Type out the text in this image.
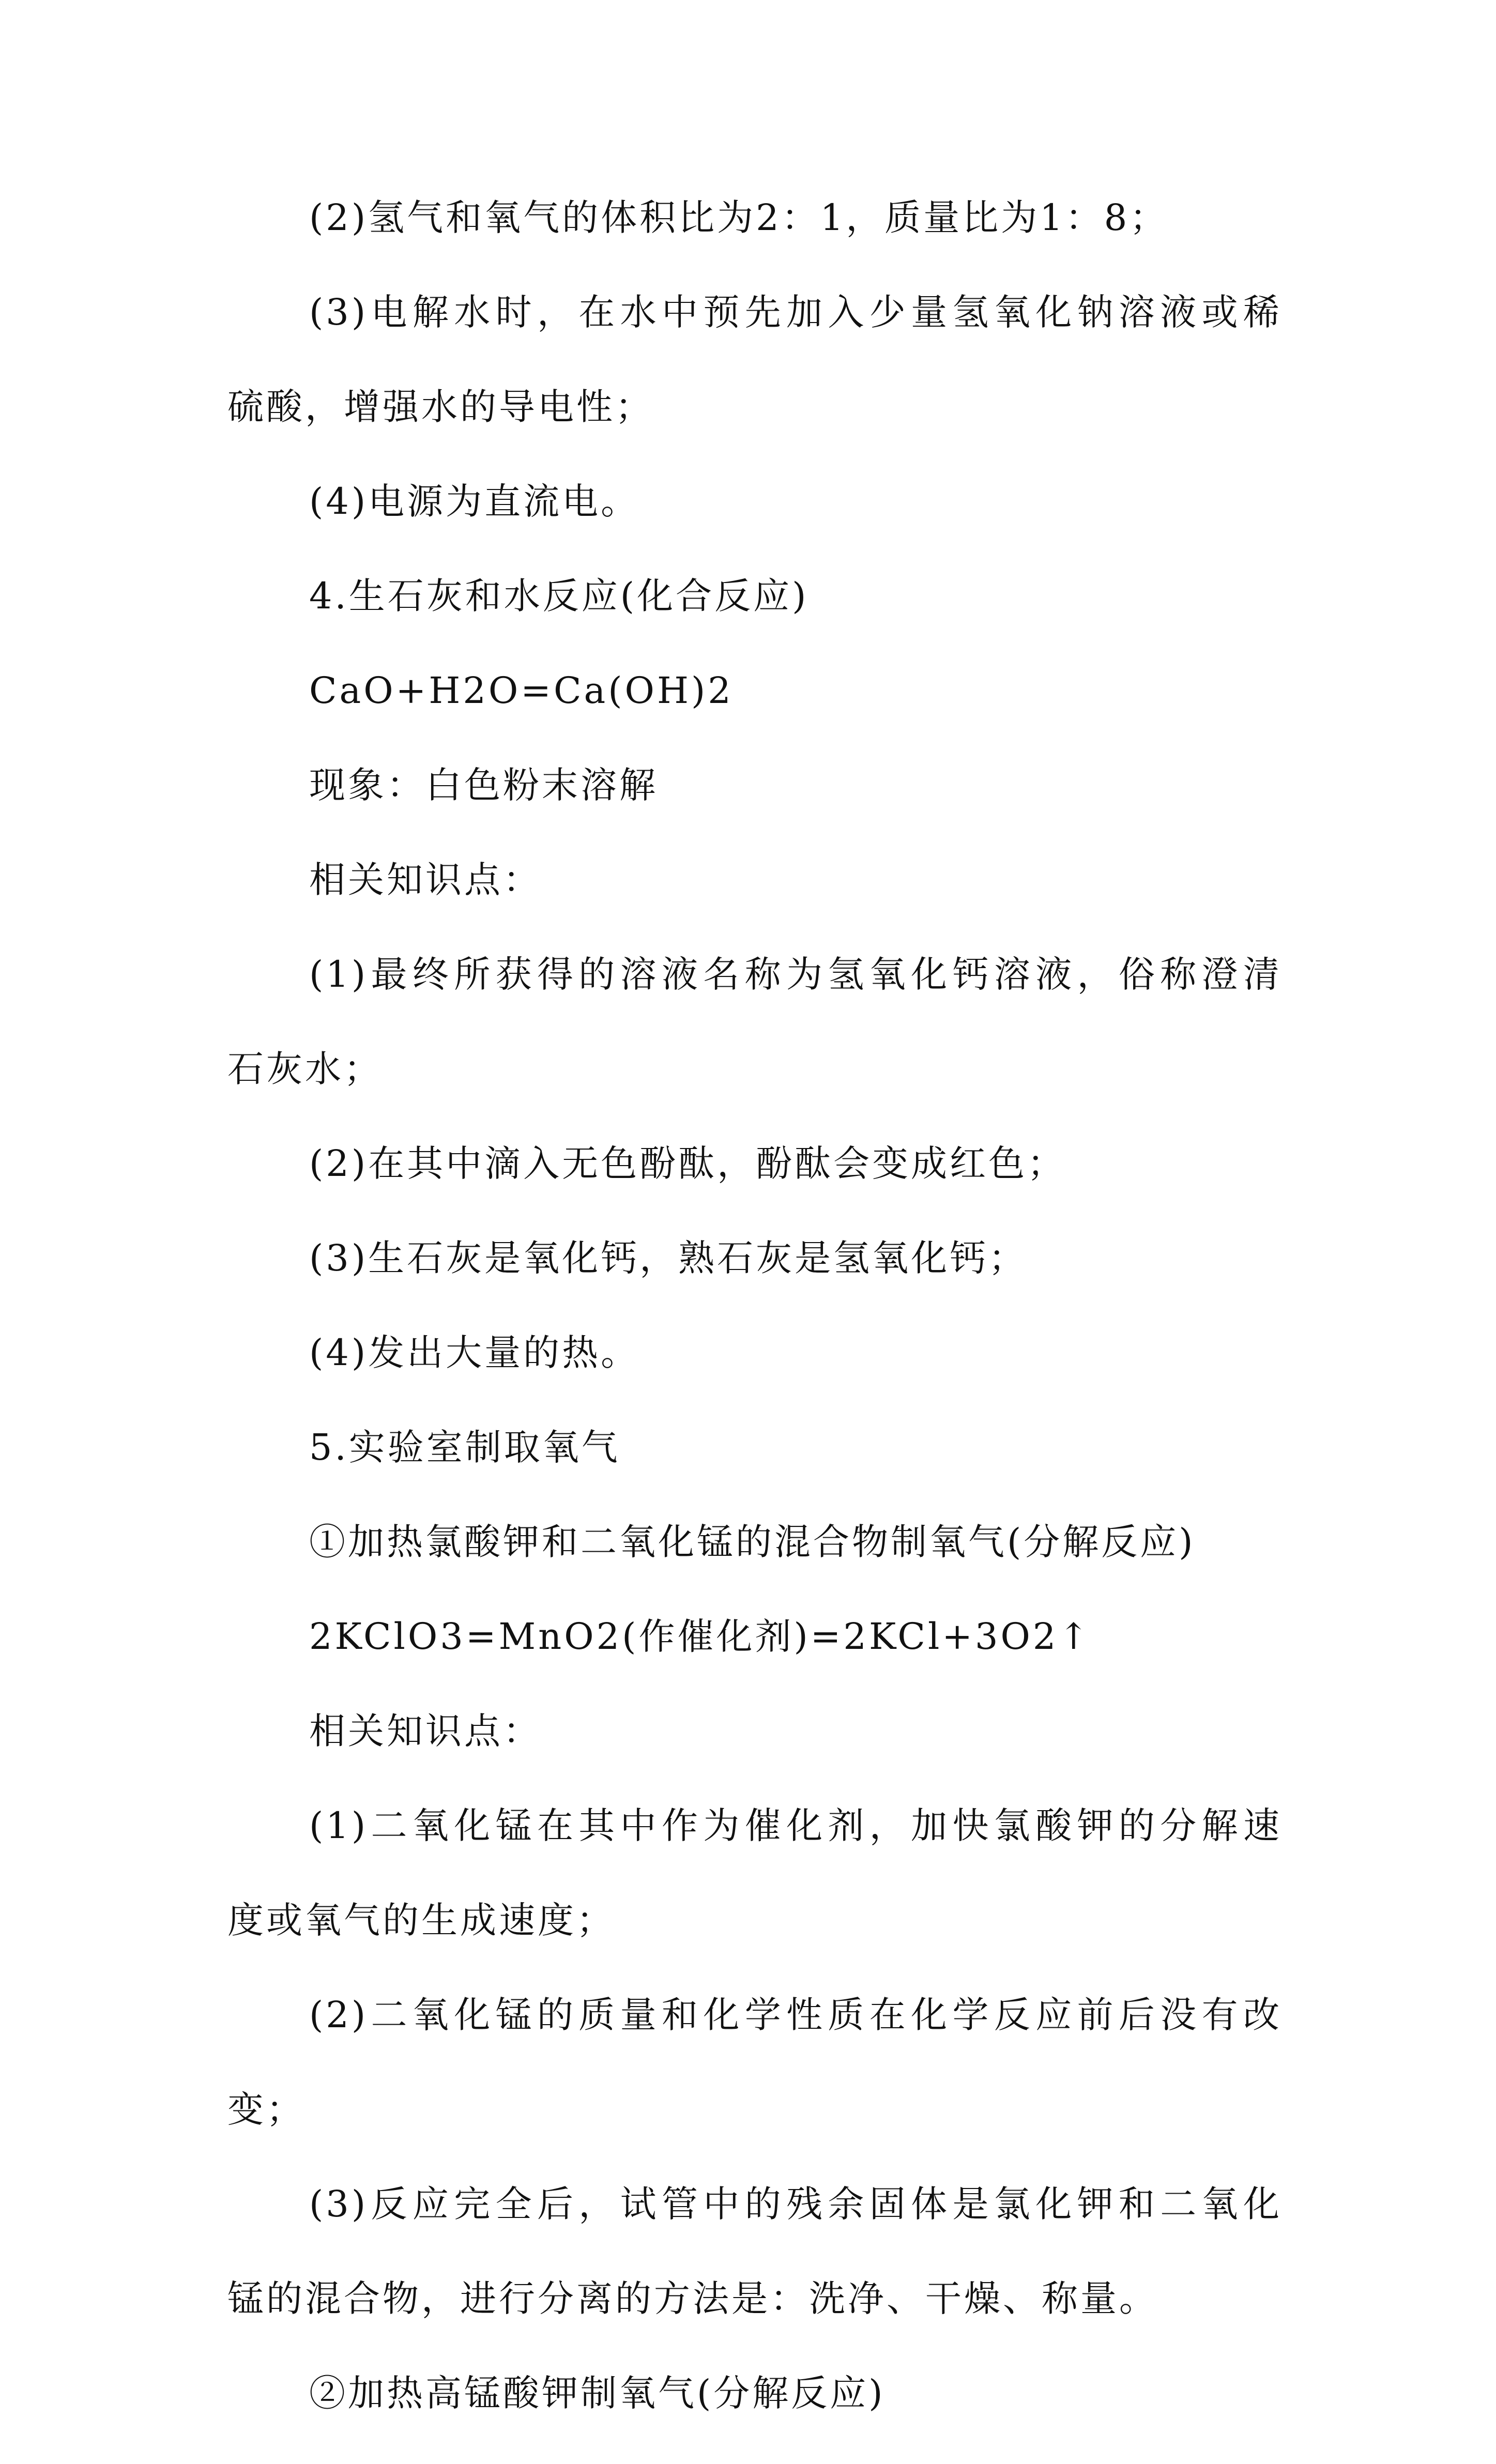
(2)氢气和氧气的体积比为2：1，质量比为1：8；
(3)电解水时，在水中预先加入少量氢氧化钠溶液或稀
硫酸，增强水的导电性；
(4)电源为直流电。
4.生石灰和水反应(化合反应)
CaO+H2O=Ca(OH)2
现象：白色粉末溶解
相关知识点：
(1)最终所获得的溶液名称为氢氧化钙溶液，俗称澄清
石灰水；
(2)在其中滴入无色酚酞，酚酞会变成红色；
(3)生石灰是氧化钙，熟石灰是氢氧化钙；
(4)发出大量的热。
5.实验室制取氧气
①加热氯酸钾和二氧化锰的混合物制氧气(分解反应)
2KClO3=MnO2(作催化剂)=2KCl+3O2↑
相关知识点：
(1)二氧化锰在其中作为催化剂，加快氯酸钾的分解速
度或氧气的生成速度；
(2)二氧化锰的质量和化学性质在化学反应前后没有改
变；
(3)反应完全后，试管中的残余固体是氯化钾和二氧化
锰的混合物，进行分离的方法是：洗净、干燥、称量。
②加热高锰酸钾制氧气(分解反应)
